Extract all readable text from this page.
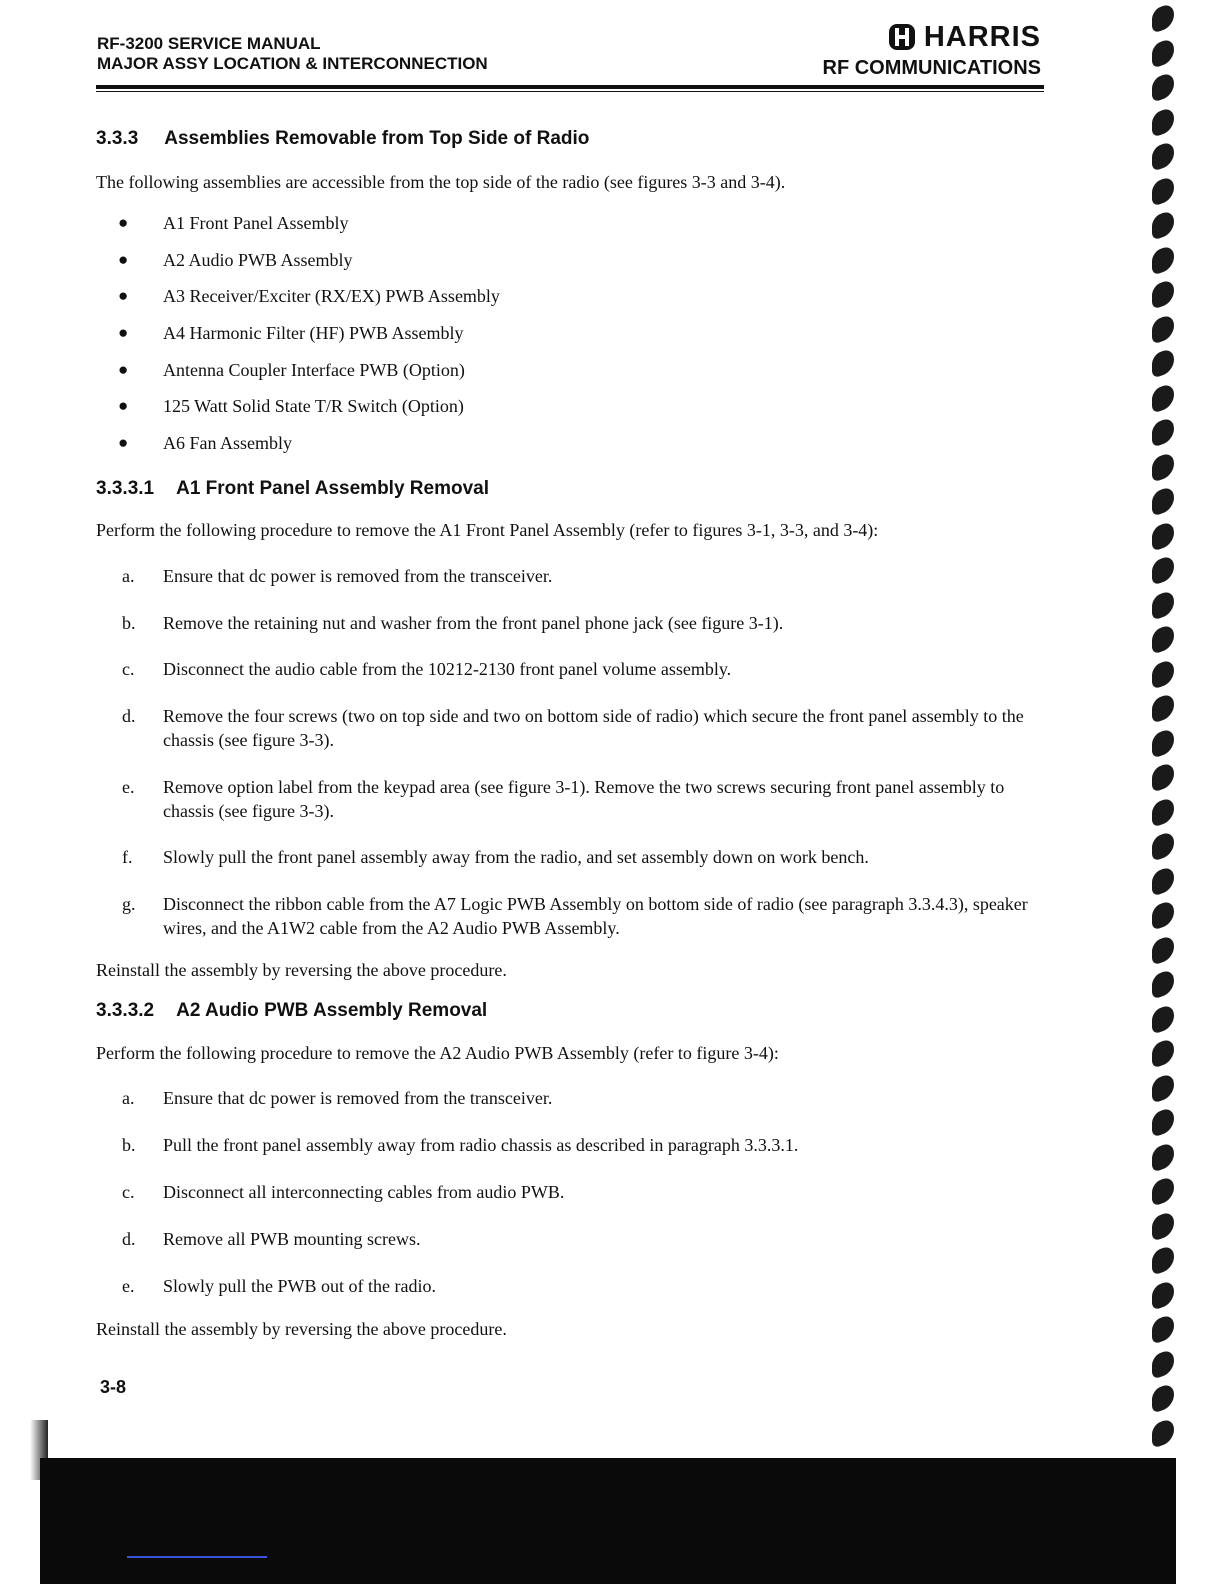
RF-3200 SERVICE MANUAL
MAJOR ASSY LOCATION & INTERCONNECTION
HARRIS
RF COMMUNICATIONS
3.3.3 Assemblies Removable from Top Side of Radio

The following assemblies are accessible from the top side of the radio (see figures 3-3 and 3-4).

●	A1 Front Panel Assembly
●	A2 Audio PWB Assembly
●	A3 Receiver/Exciter (RX/EX) PWB Assembly
●	A4 Harmonic Filter (HF) PWB Assembly
●	Antenna Coupler Interface PWB (Option)
●	125 Watt Solid State T/R Switch (Option)
●	A6 Fan Assembly
3.3.3.1 A1 Front Panel Assembly Removal

Perform the following procedure to remove the A1 Front Panel Assembly (refer to figures 3-1, 3-3, and 3-4):

a.	Ensure that dc power is removed from the transceiver.
b.	Remove the retaining nut and washer from the front panel phone jack (see figure 3-1).
c.	Disconnect the audio cable from the 10212-2130 front panel volume assembly.
d.	Remove the four screws (two on top side and two on bottom side of radio) which secure the front panel assembly to the chassis (see figure 3-3).
e.	Remove option label from the keypad area (see figure 3-1). Remove the two screws securing front panel assembly to chassis (see figure 3-3).
f.	Slowly pull the front panel assembly away from the radio, and set assembly down on work bench.
g.	Disconnect the ribbon cable from the A7 Logic PWB Assembly on bottom side of radio (see paragraph 3.3.4.3), speaker wires, and the A1W2 cable from the A2 Audio PWB Assembly.

Reinstall the assembly by reversing the above procedure.

3.3.3.2 A2 Audio PWB Assembly Removal

Perform the following procedure to remove the A2 Audio PWB Assembly (refer to figure 3-4):

a.	Ensure that dc power is removed from the transceiver.
b.	Pull the front panel assembly away from radio chassis as described in paragraph 3.3.3.1.
c.	Disconnect all interconnecting cables from audio PWB.
d.	Remove all PWB mounting screws.
e.	Slowly pull the PWB out of the radio.

Reinstall the assembly by reversing the above procedure.

3-8
